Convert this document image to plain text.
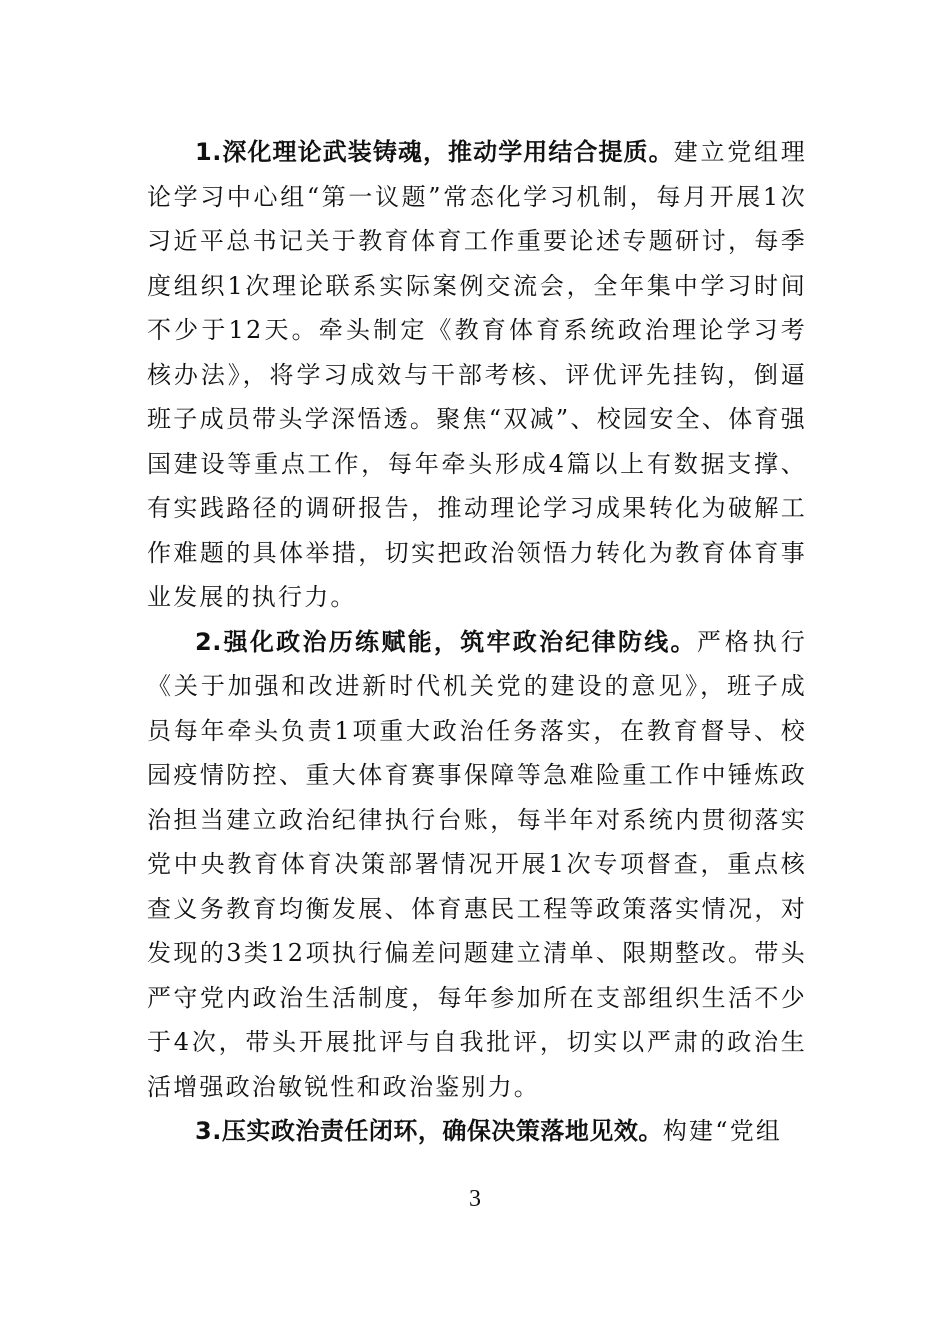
1.深化理论武装铸魂，推动学用结合提质。建立党组理论学习中心组“第一议题”常态化学习机制，每月开展1次习近平总书记关于教育体育工作重要论述专题研讨，每季度组织1次理论联系实际案例交流会，全年集中学习时间不少于12天。牵头制定《教育体育系统政治理论学习考核办法》，将学习成效与干部考核、评优评先挂钩，倒逼班子成员带头学深悟透。聚焦“双减”、校园安全、体育强国建设等重点工作，每年牵头形成4篇以上有数据支撑、有实践路径的调研报告，推动理论学习成果转化为破解工作难题的具体举措，切实把政治领悟力转化为教育体育事业发展的执行力。

2.强化政治历练赋能，筑牢政治纪律防线。严格执行《关于加强和改进新时代机关党的建设的意见》，班子成员每年牵头负责1项重大政治任务落实，在教育督导、校园疫情防控、重大体育赛事保障等急难险重工作中锤炼政治担当建立政治纪律执行台账，每半年对系统内贯彻落实党中央教育体育决策部署情况开展1次专项督查，重点核查义务教育均衡发展、体育惠民工程等政策落实情况，对发现的3类12项执行偏差问题建立清单、限期整改。带头严守党内政治生活制度，每年参加所在支部组织生活不少于4次，带头开展批评与自我批评，切实以严肃的政治生活增强政治敏锐性和政治鉴别力。

3.压实政治责任闭环，确保决策落地见效。构建“党组

3
